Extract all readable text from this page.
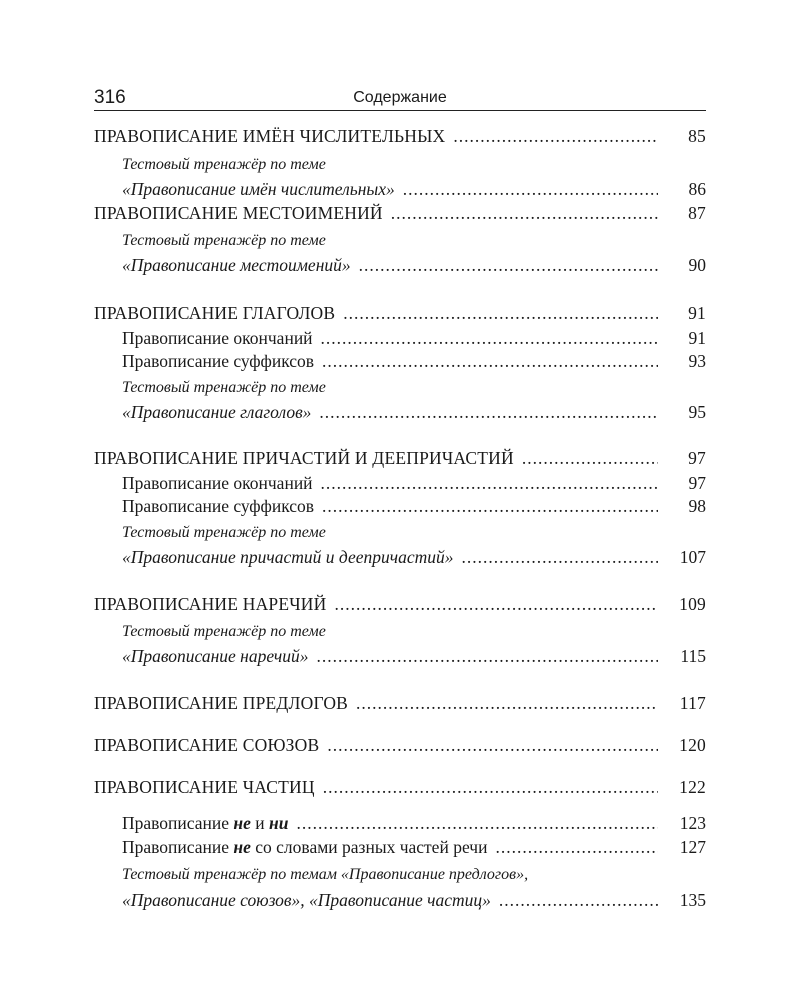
316	Содержание
ПРАВОПИСАНИЕ ИМЁН ЧИСЛИТЕЛЬНЫХ .....	85
Тестовый тренажёр по теме
«Правописание имён числительных» .....	86
ПРАВОПИСАНИЕ МЕСТОИМЕНИЙ .....	87
Тестовый тренажёр по теме
«Правописание местоимений» .....	90
ПРАВОПИСАНИЕ ГЛАГОЛОВ .....	91
Правописание окончаний .....	91
Правописание суффиксов .....	93
Тестовый тренажёр по теме
«Правописание глаголов» .....	95
ПРАВОПИСАНИЕ ПРИЧАСТИЙ И ДЕЕПРИЧАСТИЙ .....	97
Правописание окончаний .....	97
Правописание суффиксов .....	98
Тестовый тренажёр по теме
«Правописание причастий и деепричастий» .....	107
ПРАВОПИСАНИЕ НАРЕЧИЙ .....	109
Тестовый тренажёр по теме
«Правописание наречий» .....	115
ПРАВОПИСАНИЕ ПРЕДЛОГОВ .....	117
ПРАВОПИСАНИЕ СОЮЗОВ .....	120
ПРАВОПИСАНИЕ ЧАСТИЦ .....	122
Правописание не и ни .....	123
Правописание не со словами разных частей речи .....	127
Тестовый тренажёр по темам «Правописание предлогов»,
«Правописание союзов», «Правописание частиц» .....	135
